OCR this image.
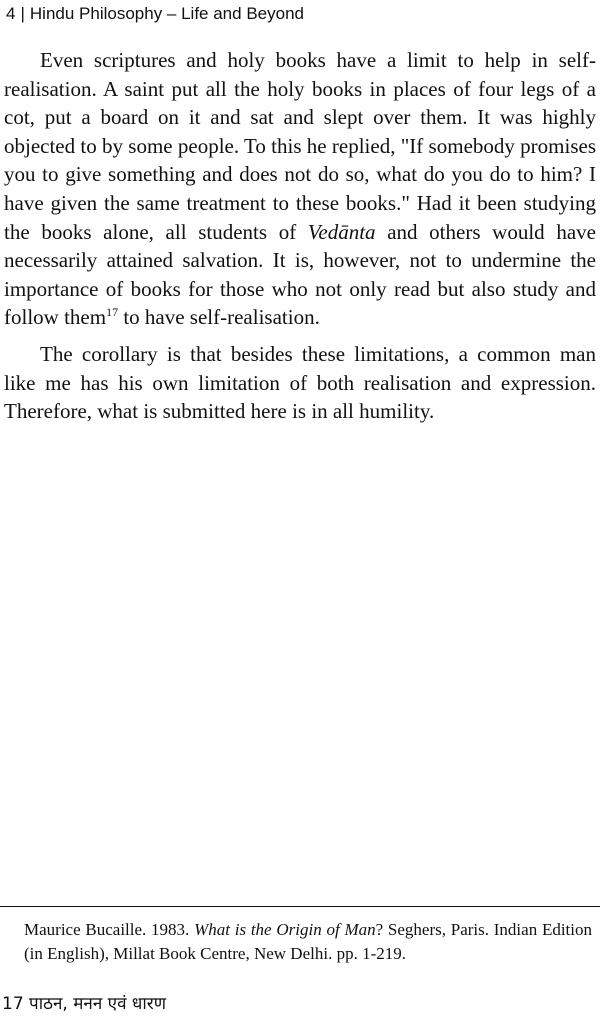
4 | Hindu Philosophy – Life and Beyond

Even scriptures and holy books have a limit to help in self-realisation. A saint put all the holy books in places of four legs of a cot, put a board on it and sat and slept over them. It was highly objected to by some people. To this he replied, "If somebody promises you to give something and does not do so, what do you do to him? I have given the same treatment to these books." Had it been studying the books alone, all students of Vedānta and others would have necessarily attained salvation. It is, however, not to undermine the importance of books for those who not only read but also study and follow them$^{17}$ to have self-realisation.

The corollary is that besides these limitations, a common man like me has his own limitation of both realisation and expression. Therefore, what is submitted here is in all humility.

Maurice Bucaille. 1983. What is the Origin of Man? Seghers, Paris. Indian Edition (in English), Millat Book Centre, New Delhi. pp. 1-219.
17 पाठन, मनन एवं धारण
